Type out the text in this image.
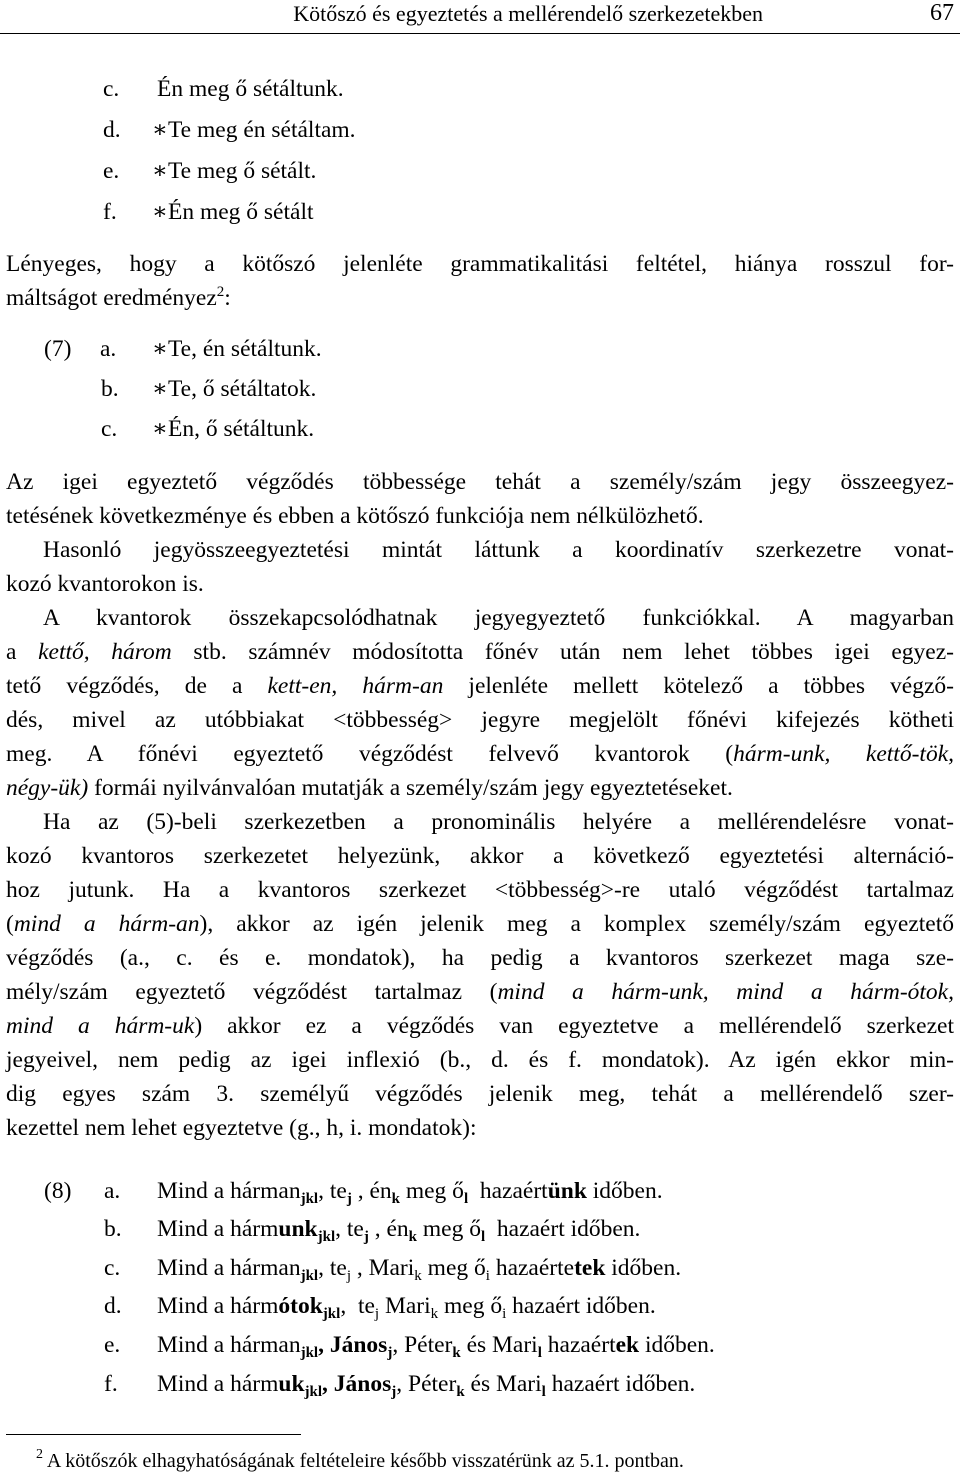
Kötőszó és egyeztetés a mellérendelő szerkezetekben	67
c. Én meg ő sétáltunk.
d. ∗Te meg én sétáltam.
e. ∗Te meg ő sétált.
f. ∗Én meg ő sétált
Lényeges, hogy a kötőszó jelenléte grammatikalitási feltétel, hiánya rosszul for-
máltságot eredményez$^2$:
(7) a. ∗Te, én sétáltunk.
b. ∗Te, ő sétáltatok.
c. ∗Én, ő sétáltunk.
Az igei egyeztető végződés többessége tehát a személy/szám jegy összeegyez-
tetésének következménye és ebben a kötőszó funkciója nem nélkülözhető.
Hasonló jegyösszeegyeztetési mintát láttunk a koordinatív szerkezetre vonat-
kozó kvantorokon is.
A kvantorok összekapcsolódhatnak jegyegyeztető funkciókkal. A magyarban
a kettő, három stb. számnév módosította főnév után nem lehet többes igei egyez-
tető végződés, de a kett-en, hárm-an jelenléte mellett kötelező a többes végző-
dés, mivel az utóbbiakat <többesség> jegyre megjelölt főnévi kifejezés kötheti
meg. A főnévi egyeztető végződést felvevő kvantorok (hárm-unk, kettő-tök,
négy-ük) formái nyilvánvalóan mutatják a személy/szám jegy egyeztetéseket.
Ha az (5)-beli szerkezetben a pronominális helyére a mellérendelésre vonat-
kozó kvantoros szerkezetet helyezünk, akkor a következő egyeztetési alternáció-
hoz jutunk. Ha a kvantoros szerkezet <többesség>-re utaló végződést tartalmaz
(mind a hárm-an), akkor az igén jelenik meg a komplex személy/szám egyeztető
végződés (a., c. és e. mondatok), ha pedig a kvantoros szerkezet maga sze-
mély/szám egyeztető végződést tartalmaz (mind a hárm-unk, mind a hárm-ótok,
mind a hárm-uk) akkor ez a végződés van egyeztetve a mellérendelő szerkezet
jegyeivel, nem pedig az igei inflexió (b., d. és f. mondatok). Az igén ekkor min-
dig egyes szám 3. személyű végződés jelenik meg, tehát a mellérendelő szer-
kezettel nem lehet egyeztetve (g., h, i. mondatok):
(8) a. Mind a hárman$_{jkl}$, $te_j$ , $én_k$ meg $ő_l$  hazaértünk időben.
b. Mind a hármunk$_{jkl}$, $te_j$ , $én_k$ meg $ő_l$  hazaért időben.
c. Mind a hárman$_{jkl}$, $te_j$ , Mari$_k$ meg $ő_i$ hazaértetek időben.
d. Mind a hármótok$_{jkl}$,  $te_j$ Mari$_k$ meg $ő_i$ hazaért időben.
e. Mind a hárman$_{jkl}$, János$_j$, Péter$_k$ és Mari$_l$ hazaértek időben.
f. Mind a hármuk$_{jkl}$, János$_j$, Péter$_k$ és Mari$_l$ hazaért időben.
$^2$ A kötőszók elhagyhatóságának feltételeire később visszatérünk az 5.1. pontban.
